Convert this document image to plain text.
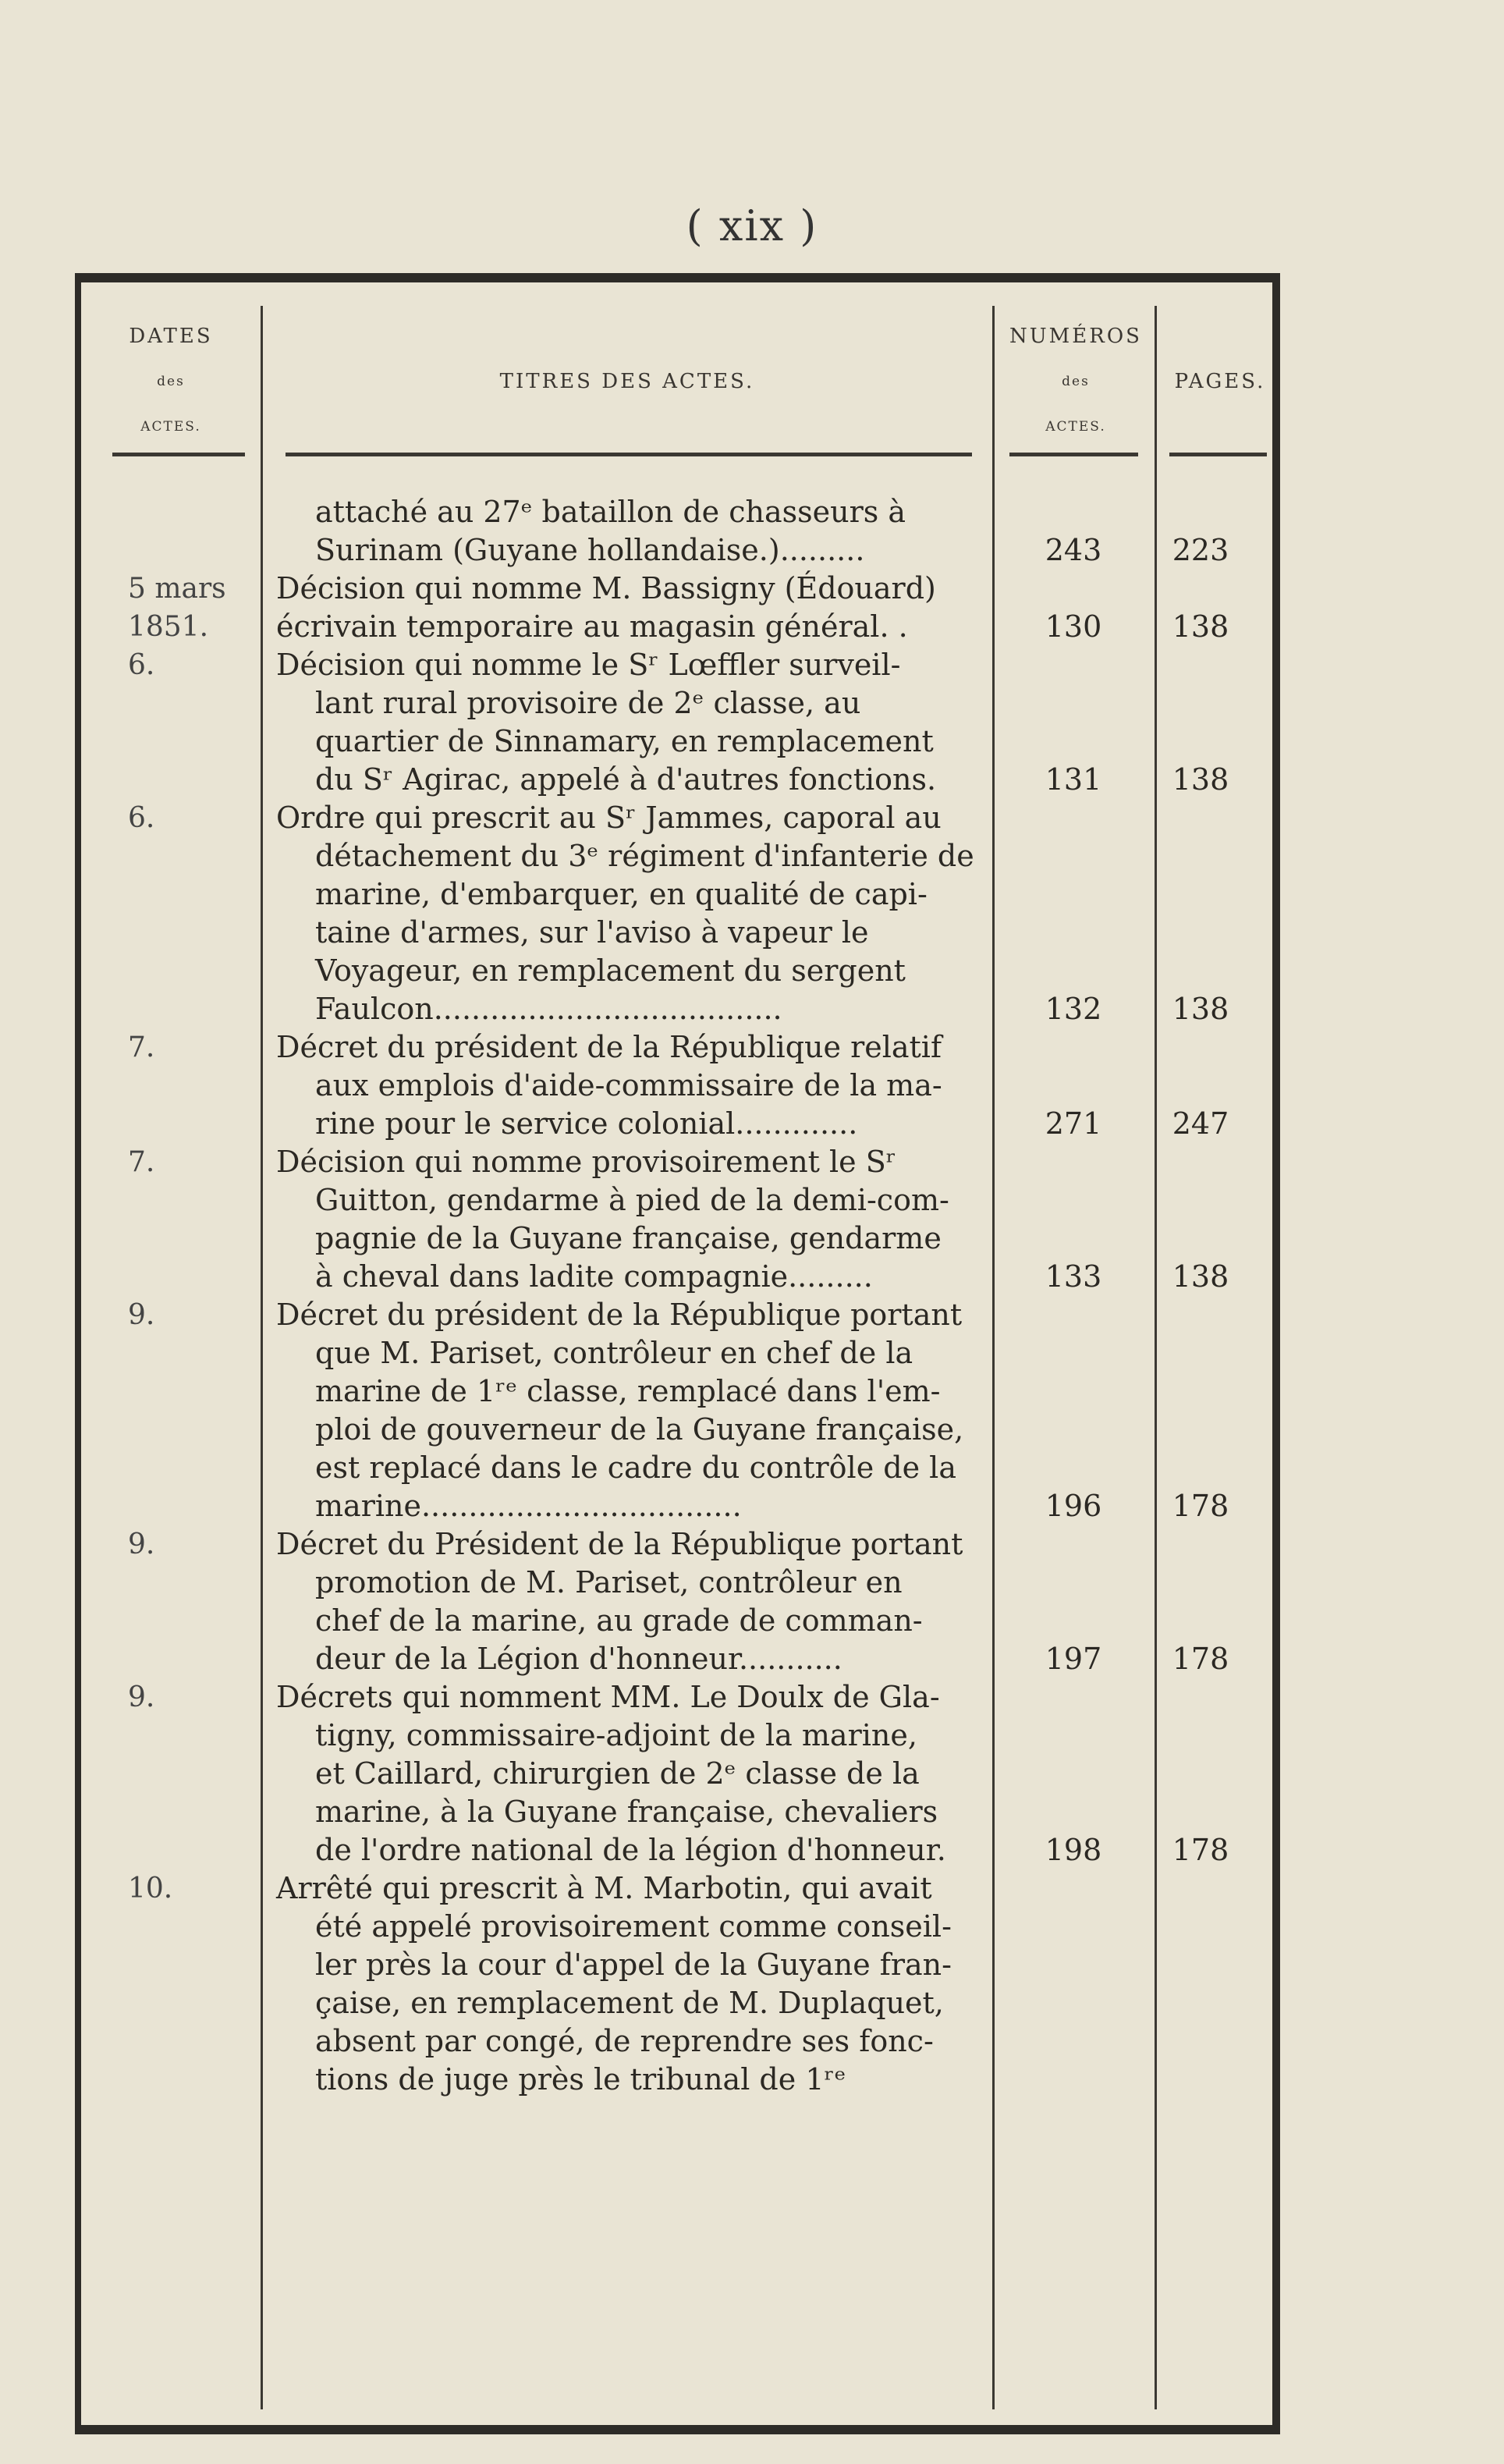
( xix )
DATES
des
ACTES.
TITRES DES ACTES.
NUMÉROS
des
ACTES.
PAGES.
attaché au 27ᵉ bataillon de chasseurs à
Surinam (Guyane hollandaise.).........	243	223
5 mars	Décision qui nomme M. Bassigny (Édouard)
1851.	écrivain temporaire au magasin général. .	130	138
6.	Décision qui nomme le Sʳ Lœffler surveil-
lant rural provisoire de 2ᵉ classe, au
quartier de Sinnamary, en remplacement
du Sʳ Agirac, appelé à d'autres fonctions.	131	138
6.	Ordre qui prescrit au Sʳ Jammes, caporal au
détachement du 3ᵉ régiment d'infanterie de
marine, d'embarquer, en qualité de capi-
taine d'armes, sur l'aviso à vapeur le
Voyageur, en remplacement du sergent
Faulcon.....................................	132	138
7.	Décret du président de la République relatif
aux emplois d'aide-commissaire de la ma-
rine pour le service colonial.............	271	247
7.	Décision qui nomme provisoirement le Sʳ
Guitton, gendarme à pied de la demi-com-
pagnie de la Guyane française, gendarme
à cheval dans ladite compagnie.........	133	138
9.	Décret du président de la République portant
que M. Pariset, contrôleur en chef de la
marine de 1ʳᵉ classe, remplacé dans l'em-
ploi de gouverneur de la Guyane française,
est replacé dans le cadre du contrôle de la
marine..................................	196	178
9.	Décret du Président de la République portant
promotion de M. Pariset, contrôleur en
chef de la marine, au grade de comman-
deur de la Légion d'honneur...........	197	178
9.	Décrets qui nomment MM. Le Doulx de Gla-
tigny, commissaire-adjoint de la marine,
et Caillard, chirurgien de 2ᵉ classe de la
marine, à la Guyane française, chevaliers
de l'ordre national de la légion d'honneur.	198	178
10.	Arrêté qui prescrit à M. Marbotin, qui avait
été appelé provisoirement comme conseil-
ler près la cour d'appel de la Guyane fran-
çaise, en remplacement de M. Duplaquet,
absent par congé, de reprendre ses fonc-
tions de juge près le tribunal de 1ʳᵉ
